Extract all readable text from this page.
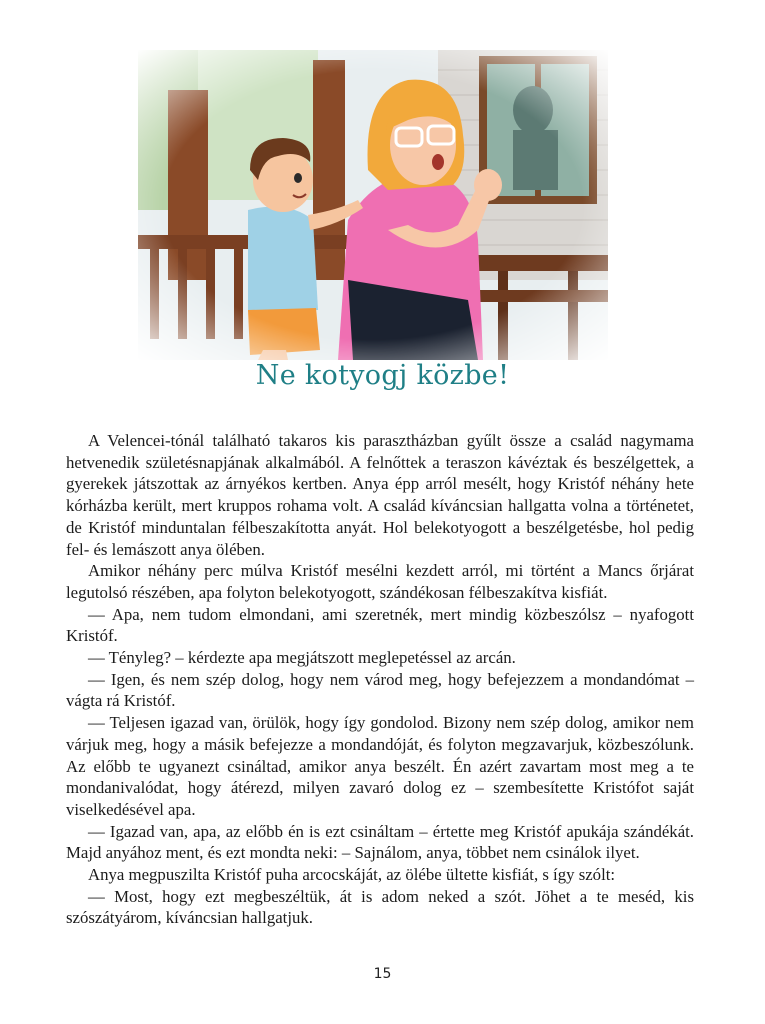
Ne kotyogj közbe!

A Velencei-tónál található takaros kis parasztházban gyűlt össze a család nagymama hetvenedik születésnapjának alkalmából. A felnőttek a teraszon kávéztak és beszélgettek, a gyerekek játszottak az árnyékos kertben. Anya épp arról mesélt, hogy Kristóf néhány hete kórházba került, mert kruppos rohama volt. A család kíváncsian hallgatta volna a történetet, de Kristóf minduntalan félbeszakította anyát. Hol belekotyogott a beszélgetésbe, hol pedig fel- és lemászott anya ölében.

Amikor néhány perc múlva Kristóf mesélni kezdett arról, mi történt a Mancs őrjárat legutolsó részében, apa folyton belekotyogott, szándékosan félbeszakítva kisfiát.

— Apa, nem tudom elmondani, ami szeretnék, mert mindig közbeszólsz – nyafogott Kristóf.

— Tényleg? – kérdezte apa megjátszott meglepetéssel az arcán.

— Igen, és nem szép dolog, hogy nem várod meg, hogy befejezzem a mondandómat – vágta rá Kristóf.

— Teljesen igazad van, örülök, hogy így gondolod. Bizony nem szép dolog, amikor nem várjuk meg, hogy a másik befejezze a mondandóját, és folyton megzavarjuk, közbeszólunk. Az előbb te ugyanezt csináltad, amikor anya beszélt. Én azért zavartam most meg a te mondanivalódat, hogy átérezd, milyen zavaró dolog ez – szembesítette Kristófot saját viselkedésével apa.

— Igazad van, apa, az előbb én is ezt csináltam – értette meg Kristóf apukája szándékát. Majd anyához ment, és ezt mondta neki: – Sajnálom, anya, többet nem csinálok ilyet.

Anya megpuszilta Kristóf puha arcocskáját, az ölébe ültette kisfiát, s így szólt:

— Most, hogy ezt megbeszéltük, át is adom neked a szót. Jöhet a te meséd, kis szószátyárom, kíváncsian hallgatjuk.

15
